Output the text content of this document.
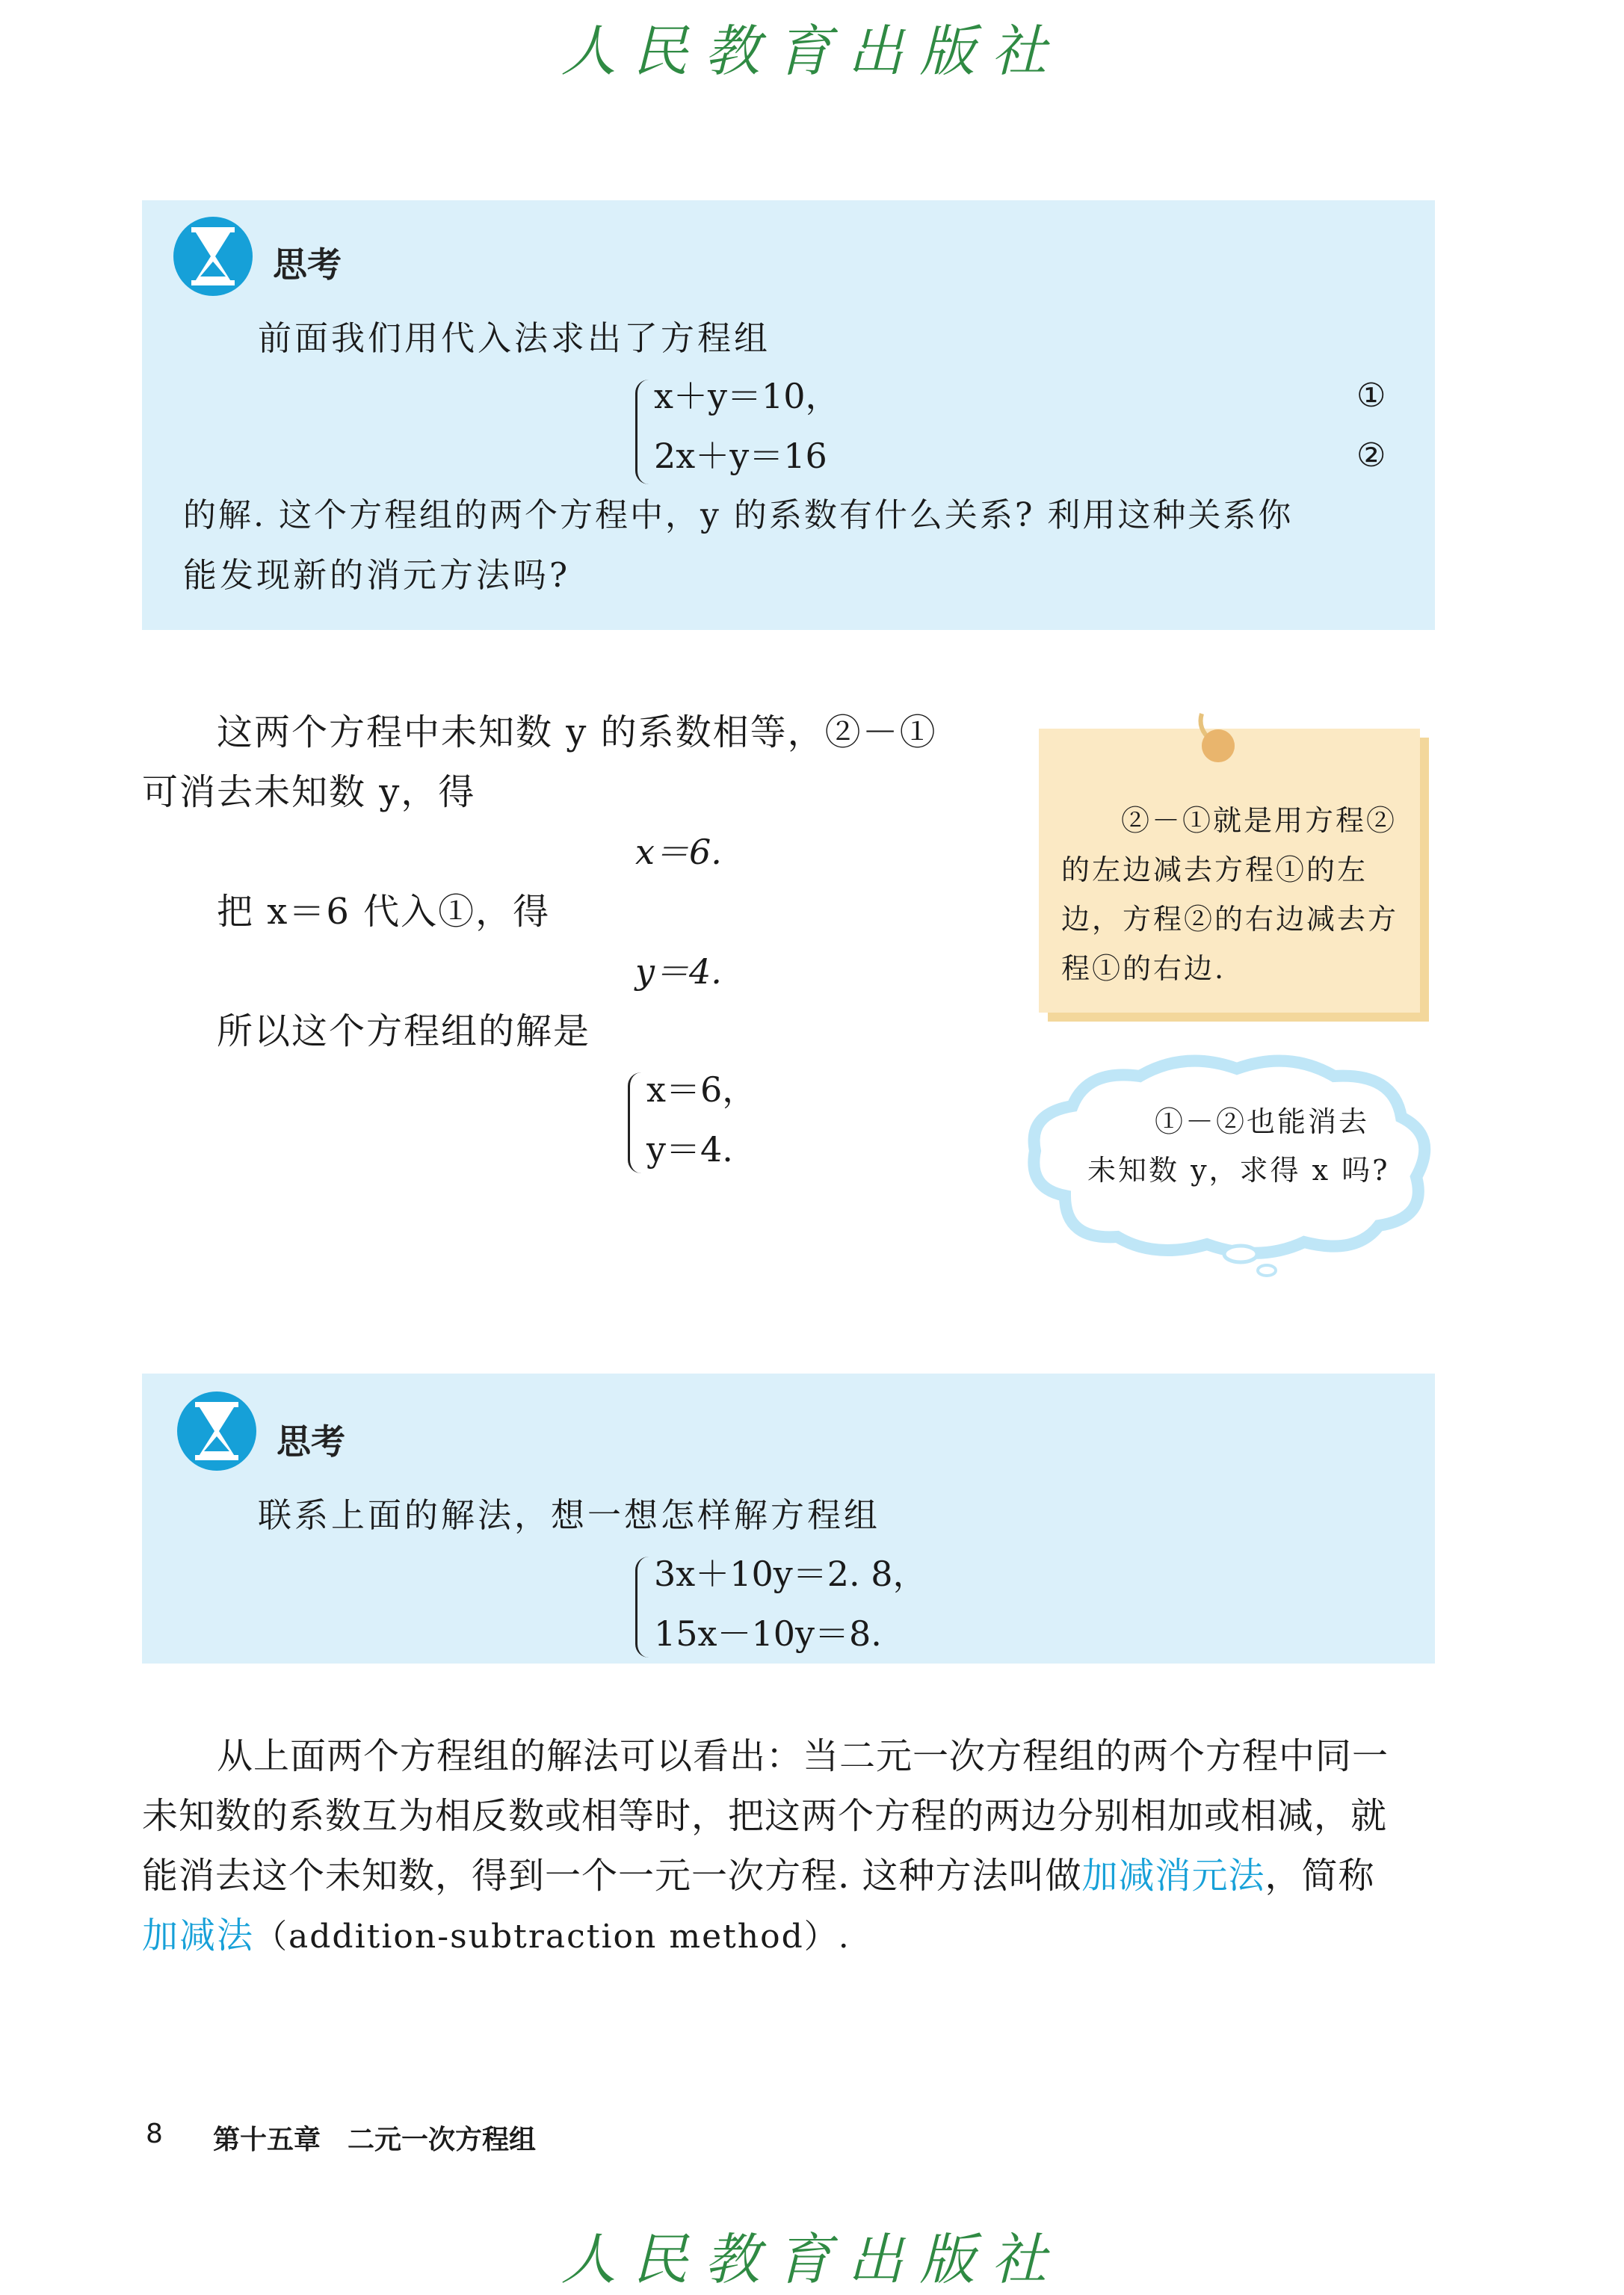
人民教育出版社
思考
前面我们用代入法求出了方程组
x＋y＝10，
2x＋y＝16
①
②
的解. 这个方程组的两个方程中，y 的系数有什么关系? 利用这种关系你
能发现新的消元方法吗?
这两个方程中未知数 y 的系数相等，②－①
可消去未知数 y，得
x＝6.
把 x＝6 代入①，得
y＝4.
所以这个方程组的解是
x＝6，
y＝4.
②－①就是用方程②的左边减去方程①的左边，方程②的右边减去方程①的右边.
①－②也能消去
未知数 y，求得 x 吗?
思考
联系上面的解法，想一想怎样解方程组
3x＋10y＝2. 8，
15x－10y＝8.
从上面两个方程组的解法可以看出：当二元一次方程组的两个方程中同一
未知数的系数互为相反数或相等时，把这两个方程的两边分别相加或相减，就
能消去这个未知数，得到一个一元一次方程. 这种方法叫做加减消元法，简称
加减法（addition-subtraction method）.
8 第十五章　二元一次方程组
人民教育出版社
